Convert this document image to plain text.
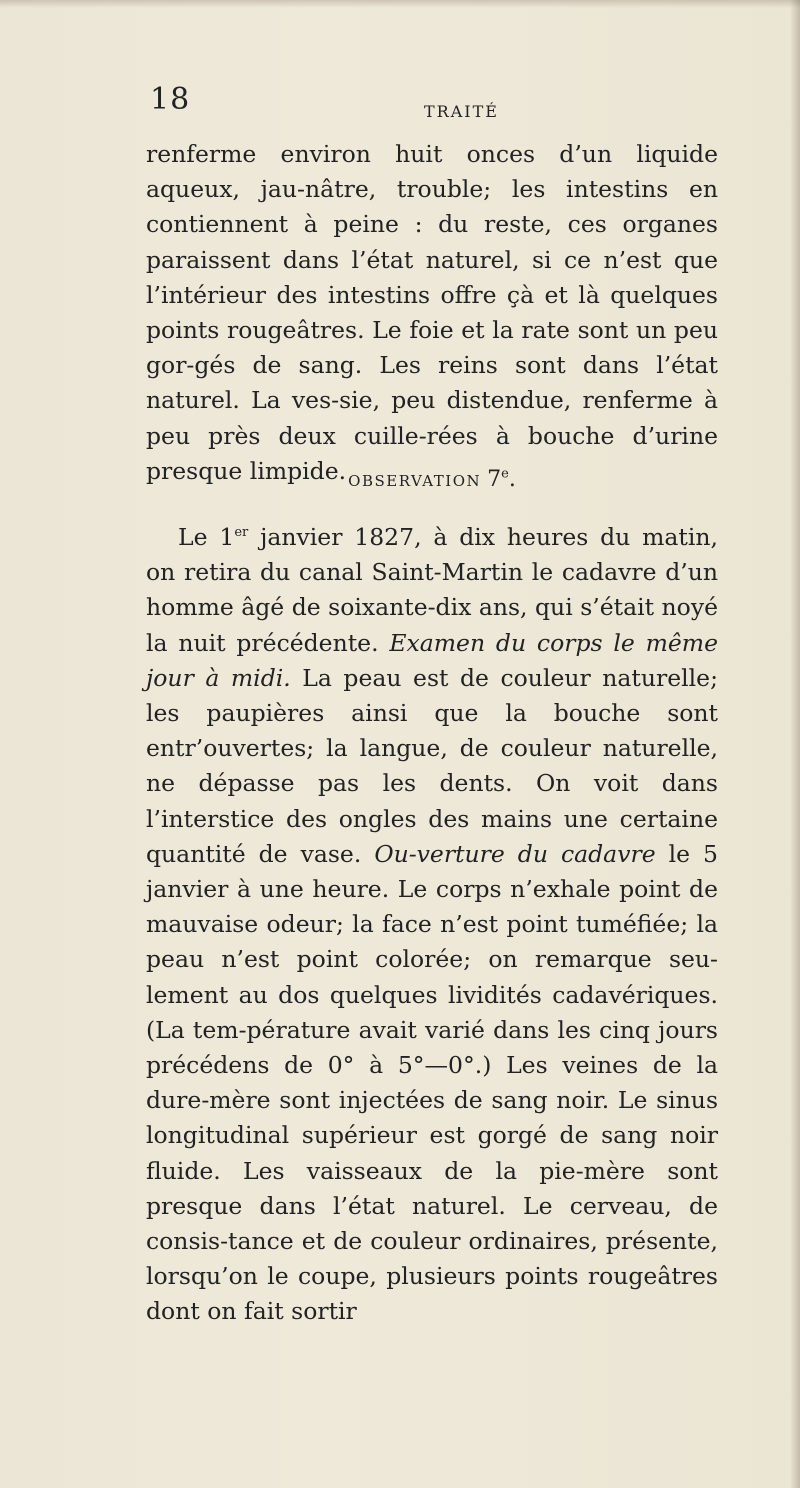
18	TRAITÉ

renferme environ huit onces d’un liquide aqueux, jau-nâtre, trouble; les intestins en contiennent à peine : du reste, ces organes paraissent dans l’état naturel, si ce n’est que l’intérieur des intestins offre çà et là quelques points rougeâtres. Le foie et la rate sont un peu gor-gés de sang. Les reins sont dans l’état naturel. La ves-sie, peu distendue, renferme à peu près deux cuille-rées à bouche d’urine presque limpide. OBSERVATION 7e.

Le 1er janvier 1827, à dix heures du matin, on retira du canal Saint-Martin le cadavre d’un homme âgé de soixante-dix ans, qui s’était noyé la nuit précédente. Examen du corps le même jour à midi. La peau est de couleur naturelle; les paupières ainsi que la bouche sont entr’ouvertes; la langue, de couleur naturelle, ne dépasse pas les dents. On voit dans l’interstice des ongles des mains une certaine quantité de vase. Ou-verture du cadavre le 5 janvier à une heure. Le corps n’exhale point de mauvaise odeur; la face n’est point tuméfiée; la peau n’est point colorée; on remarque seu-lement au dos quelques lividités cadavériques. (La tem-pérature avait varié dans les cinq jours précédens de 0° à 5°—0°.) Les veines de la dure-mère sont injectées de sang noir. Le sinus longitudinal supérieur est gorgé de sang noir fluide. Les vaisseaux de la pie-mère sont presque dans l’état naturel. Le cerveau, de consis-tance et de couleur ordinaires, présente, lorsqu’on le coupe, plusieurs points rougeâtres dont on fait sortir
